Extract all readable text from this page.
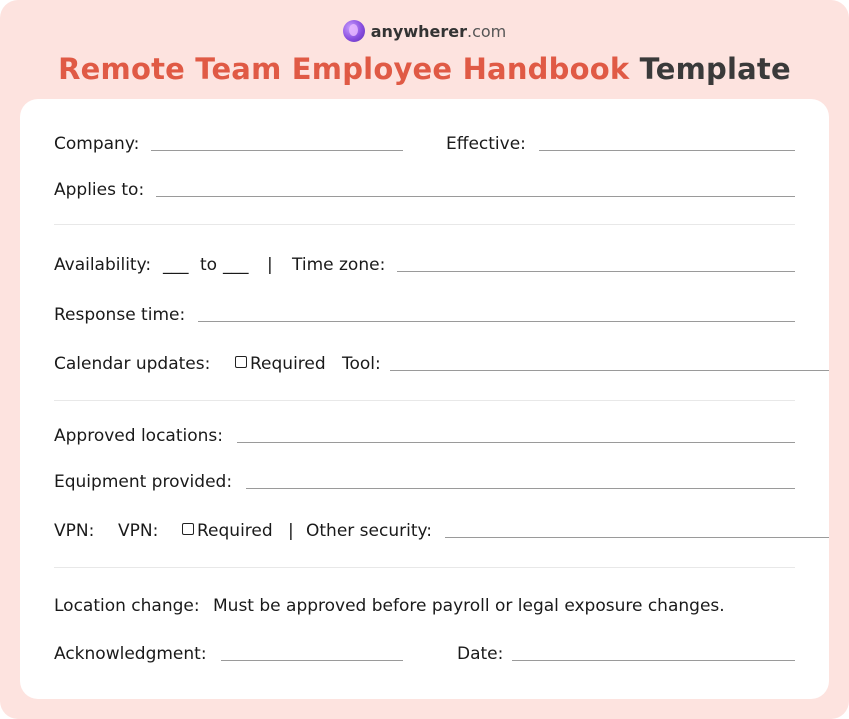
anywherer.com
Remote Team Employee Handbook Template
Company:	Effective:
Applies to:
Availability: ___ to ___ | Time zone:
Response time:
Calendar updates:	Required Tool:
Approved locations:
Equipment provided:
VPN: VPN:	Required | Other security:
Location change: Must be approved before payroll or legal exposure changes.
Acknowledgment:	Date:
